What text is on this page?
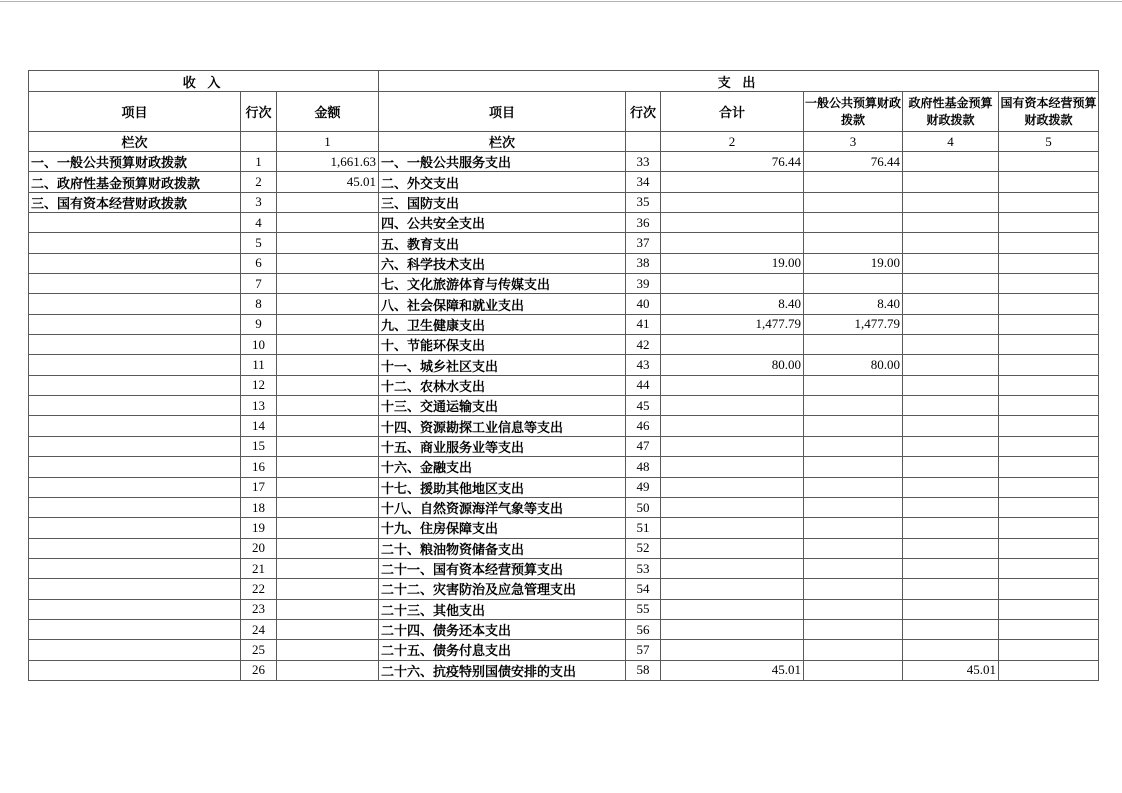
收 入			支 出					
项目	行次	金额	项目	行次	合计	一般公共预算财政拨款	政府性基金预算财政拨款	国有资本经营预算财政拨款
栏次		1	栏次		2	3	4	5
一、一般公共预算财政拨款	1	1,661.63	一、一般公共服务支出	33	76.44	76.44		
二、政府性基金预算财政拨款	2	45.01	二、外交支出	34				
三、国有资本经营财政拨款	3		三、国防支出	35				
	4		四、公共安全支出	36				
	5		五、教育支出	37				
	6		六、科学技术支出	38	19.00	19.00		
	7		七、文化旅游体育与传媒支出	39				
	8		八、社会保障和就业支出	40	8.40	8.40		
	9		九、卫生健康支出	41	1,477.79	1,477.79		
	10		十、节能环保支出	42				
	11		十一、城乡社区支出	43	80.00	80.00		
	12		十二、农林水支出	44				
	13		十三、交通运输支出	45				
	14		十四、资源勘探工业信息等支出	46				
	15		十五、商业服务业等支出	47				
	16		十六、金融支出	48				
	17		十七、援助其他地区支出	49				
	18		十八、自然资源海洋气象等支出	50				
	19		十九、住房保障支出	51				
	20		二十、粮油物资储备支出	52				
	21		二十一、国有资本经营预算支出	53				
	22		二十二、灾害防治及应急管理支出	54				
	23		二十三、其他支出	55				
	24		二十四、债务还本支出	56				
	25		二十五、债务付息支出	57				
	26		二十六、抗疫特别国债安排的支出	58	45.01		45.01	
